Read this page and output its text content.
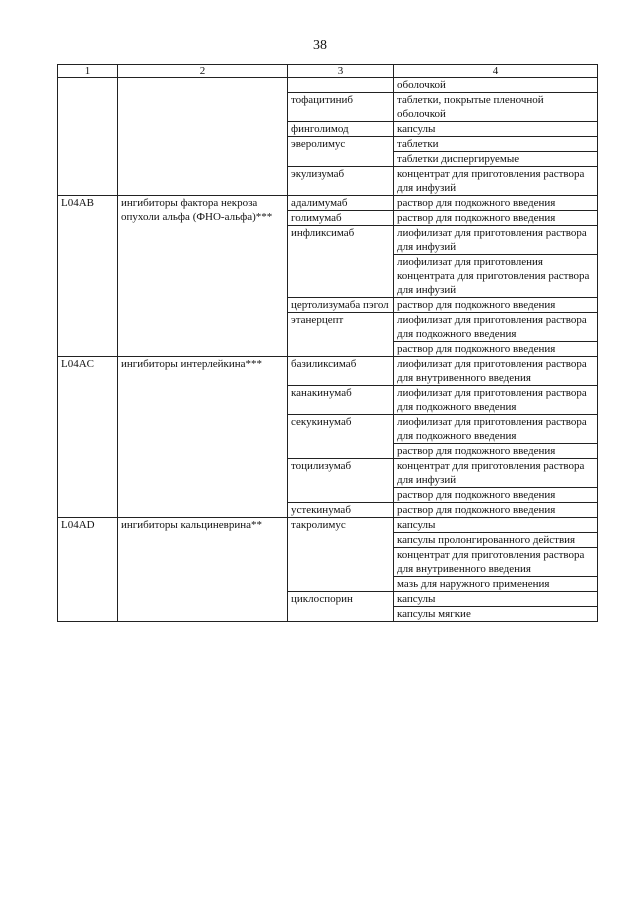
38
1	2	3	4
			оболочкой
		тофацитиниб	таблетки, покрытые пленочной оболочкой
		финголимод	капсулы
		эверолимус	таблетки
			таблетки диспергируемые
		экулизумаб	концентрат для приготовления раствора для инфузий
L04AB	ингибиторы фактора некроза опухоли альфа (ФНО-альфа)***	адалимумаб	раствор для подкожного введения
		голимумаб	раствор для подкожного введения
		инфликсимаб	лиофилизат для приготовления раствора для инфузий
			лиофилизат для приготовления концентрата для приготовления раствора для инфузий
		цертолизумаба пэгол	раствор для подкожного введения
		этанерцепт	лиофилизат для приготовления раствора для подкожного введения
			раствор для подкожного введения
L04AC	ингибиторы интерлейкина***	базиликсимаб	лиофилизат для приготовления раствора для внутривенного введения
		канакинумаб	лиофилизат для приготовления раствора для подкожного введения
		секукинумаб	лиофилизат для приготовления раствора для подкожного введения
			раствор для подкожного введения
		тоцилизумаб	концентрат для приготовления раствора для инфузий
			раствор для подкожного введения
		устекинумаб	раствор для подкожного введения
L04AD	ингибиторы кальциневрина**	такролимус	капсулы
			капсулы пролонгированного действия
			концентрат для приготовления раствора для внутривенного введения
			мазь для наружного применения
		циклоспорин	капсулы
			капсулы мягкие
